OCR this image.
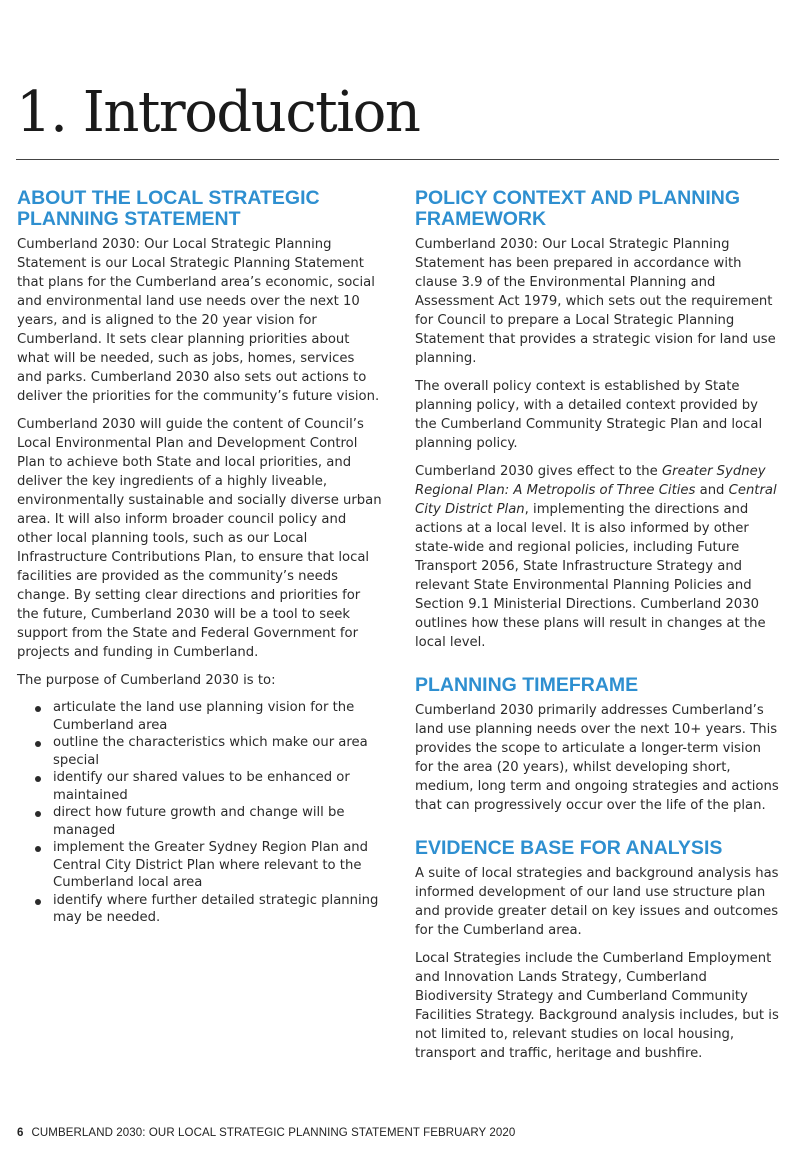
1. Introduction
ABOUT THE LOCAL STRATEGIC PLANNING STATEMENT

Cumberland 2030: Our Local Strategic Planning Statement is our Local Strategic Planning Statement that plans for the Cumberland area’s economic, social and environmental land use needs over the next 10 years, and is aligned to the 20 year vision for Cumberland. It sets clear planning priorities about what will be needed, such as jobs, homes, services and parks. Cumberland 2030 also sets out actions to deliver the priorities for the community’s future vision.

Cumberland 2030 will guide the content of Council’s Local Environmental Plan and Development Control Plan to achieve both State and local priorities, and deliver the key ingredients of a highly liveable, environmentally sustainable and socially diverse urban area. It will also inform broader council policy and other local planning tools, such as our Local Infrastructure Contributions Plan, to ensure that local facilities are provided as the community’s needs change. By setting clear directions and priorities for the future, Cumberland 2030 will be a tool to seek support from the State and Federal Government for projects and funding in Cumberland.

The purpose of Cumberland 2030 is to:

articulate the land use planning vision for the Cumberland area
outline the characteristics which make our area special
identify our shared values to be enhanced or maintained
direct how future growth and change will be managed
implement the Greater Sydney Region Plan and Central City District Plan where relevant to the Cumberland local area
identify where further detailed strategic planning may be needed.
POLICY CONTEXT AND PLANNING FRAMEWORK

Cumberland 2030: Our Local Strategic Planning Statement has been prepared in accordance with clause 3.9 of the Environmental Planning and Assessment Act 1979, which sets out the requirement for Council to prepare a Local Strategic Planning Statement that provides a strategic vision for land use planning.

The overall policy context is established by State planning policy, with a detailed context provided by the Cumberland Community Strategic Plan and local planning policy.

Cumberland 2030 gives effect to the Greater Sydney Regional Plan: A Metropolis of Three Cities and Central City District Plan, implementing the directions and actions at a local level. It is also informed by other state-wide and regional policies, including Future Transport 2056, State Infrastructure Strategy and relevant State Environmental Planning Policies and Section 9.1 Ministerial Directions. Cumberland 2030 outlines how these plans will result in changes at the local level.

PLANNING TIMEFRAME

Cumberland 2030 primarily addresses Cumberland’s land use planning needs over the next 10+ years. This provides the scope to articulate a longer-term vision for the area (20 years), whilst developing short, medium, long term and ongoing strategies and actions that can progressively occur over the life of the plan.

EVIDENCE BASE FOR ANALYSIS

A suite of local strategies and background analysis has informed development of our land use structure plan and provide greater detail on key issues and outcomes for the Cumberland area.

Local Strategies include the Cumberland Employment and Innovation Lands Strategy, Cumberland Biodiversity Strategy and Cumberland Community Facilities Strategy. Background analysis includes, but is not limited to, relevant studies on local housing, transport and traffic, heritage and bushfire.

6 CUMBERLAND 2030: OUR LOCAL STRATEGIC PLANNING STATEMENT FEBRUARY 2020
